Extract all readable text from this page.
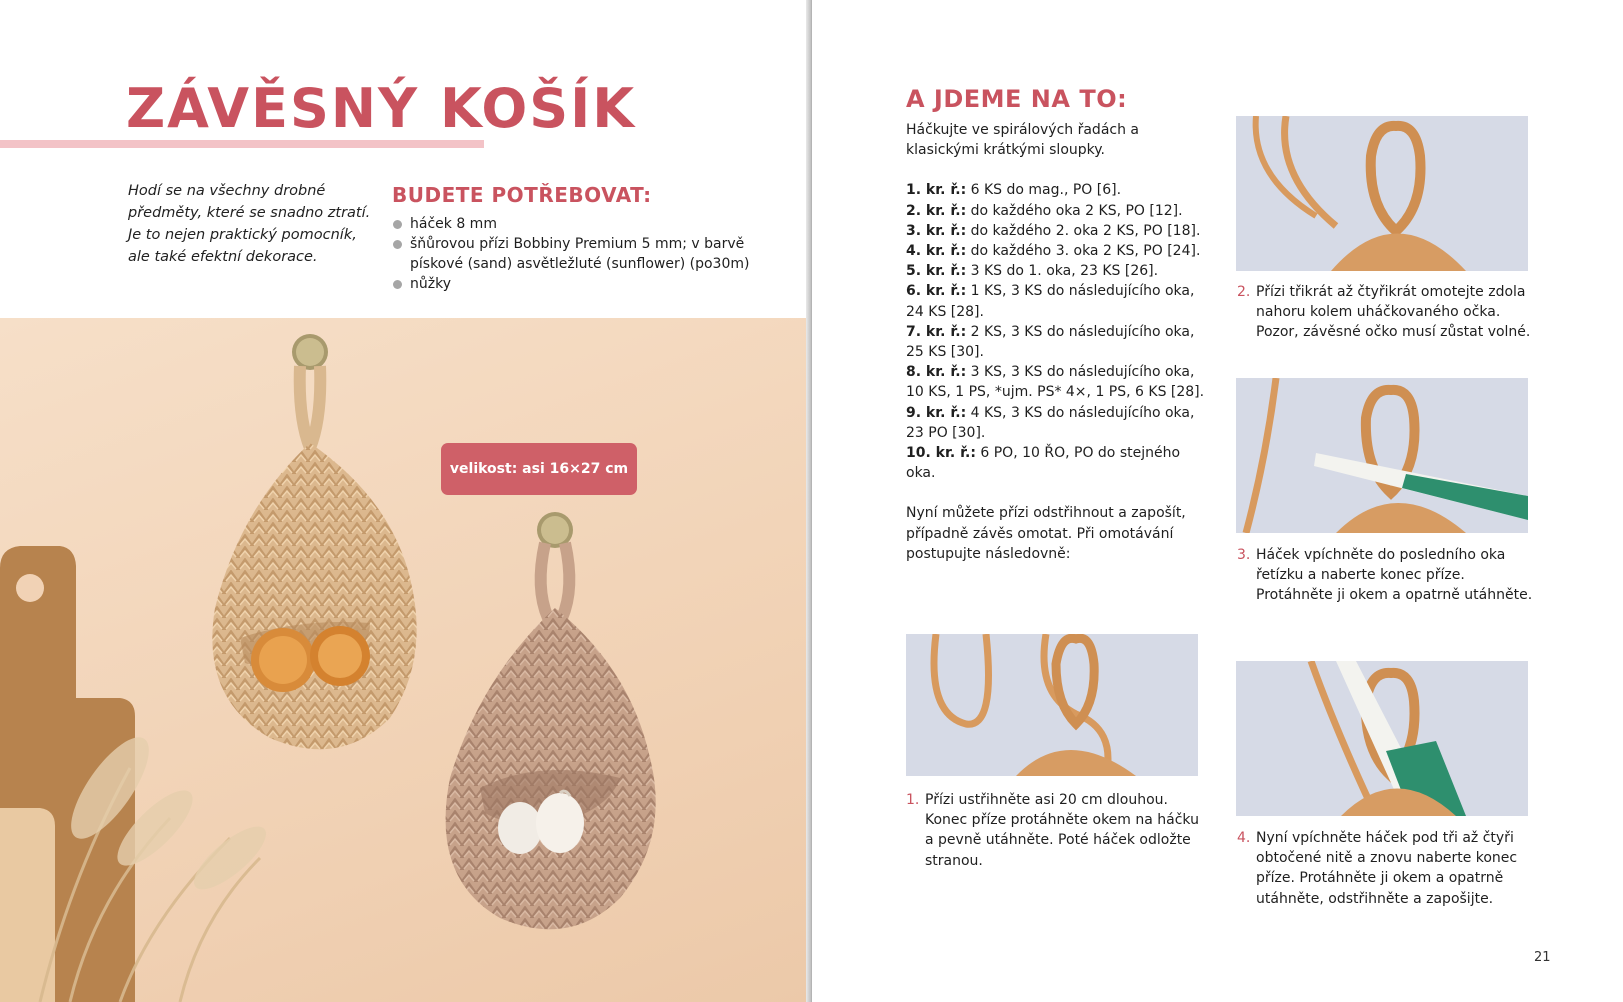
ZÁVĚSNÝ KOŠÍK

Hodí se na všechny drobné předměty, které se snadno ztratí. Je to nejen praktický pomocník, ale také efektní dekorace.

BUDETE POTŘEBOVAT:
háček 8 mm
šňůrovou přízi Bobbiny Premium 5 mm; v barvě pískové (sand) asvětležluté (sunflower) (po30m)
nůžky
velikost: asi 16×27 cm
A JDEME NA TO:

Háčkujte ve spirálových řadách a klasickými krátkými sloupky.

1. kr. ř.: 6 KS do mag., PO [6].
2. kr. ř.: do každého oka 2 KS, PO [12].
3. kr. ř.: do každého 2. oka 2 KS, PO [18].
4. kr. ř.: do každého 3. oka 2 KS, PO [24].
5. kr. ř.: 3 KS do 1. oka, 23 KS [26].
6. kr. ř.: 1 KS, 3 KS do následujícího oka, 24 KS [28].
7. kr. ř.: 2 KS, 3 KS do následujícího oka, 25 KS [30].
8. kr. ř.: 3 KS, 3 KS do následujícího oka, 10 KS, 1 PS, *ujm. PS* 4×, 1 PS, 6 KS [28].
9. kr. ř.: 4 KS, 3 KS do následujícího oka, 23 PO [30].
10. kr. ř.: 6 PO, 10 ŘO, PO do stejného oka.

Nyní můžete přízi odstřihnout a zapošít, případně závěs omotat. Při omotávání postupujte následovně:

1. Přízi ustřihněte asi 20 cm dlouhou. Konec příze protáhněte okem na háčku a pevně utáhněte. Poté háček odložte stranou.
2. Přízi třikrát až čtyřikrát omotejte zdola nahoru kolem uháčkovaného očka. Pozor, závěsné očko musí zůstat volné.
3. Háček vpíchněte do posledního oka řetízku a naberte konec příze. Protáhněte ji okem a opatrně utáhněte.
4. Nyní vpíchněte háček pod tři až čtyři obtočené nitě a znovu naberte konec příze. Protáhněte ji okem a opatrně utáhněte, odstřihněte a zapošijte.
21
